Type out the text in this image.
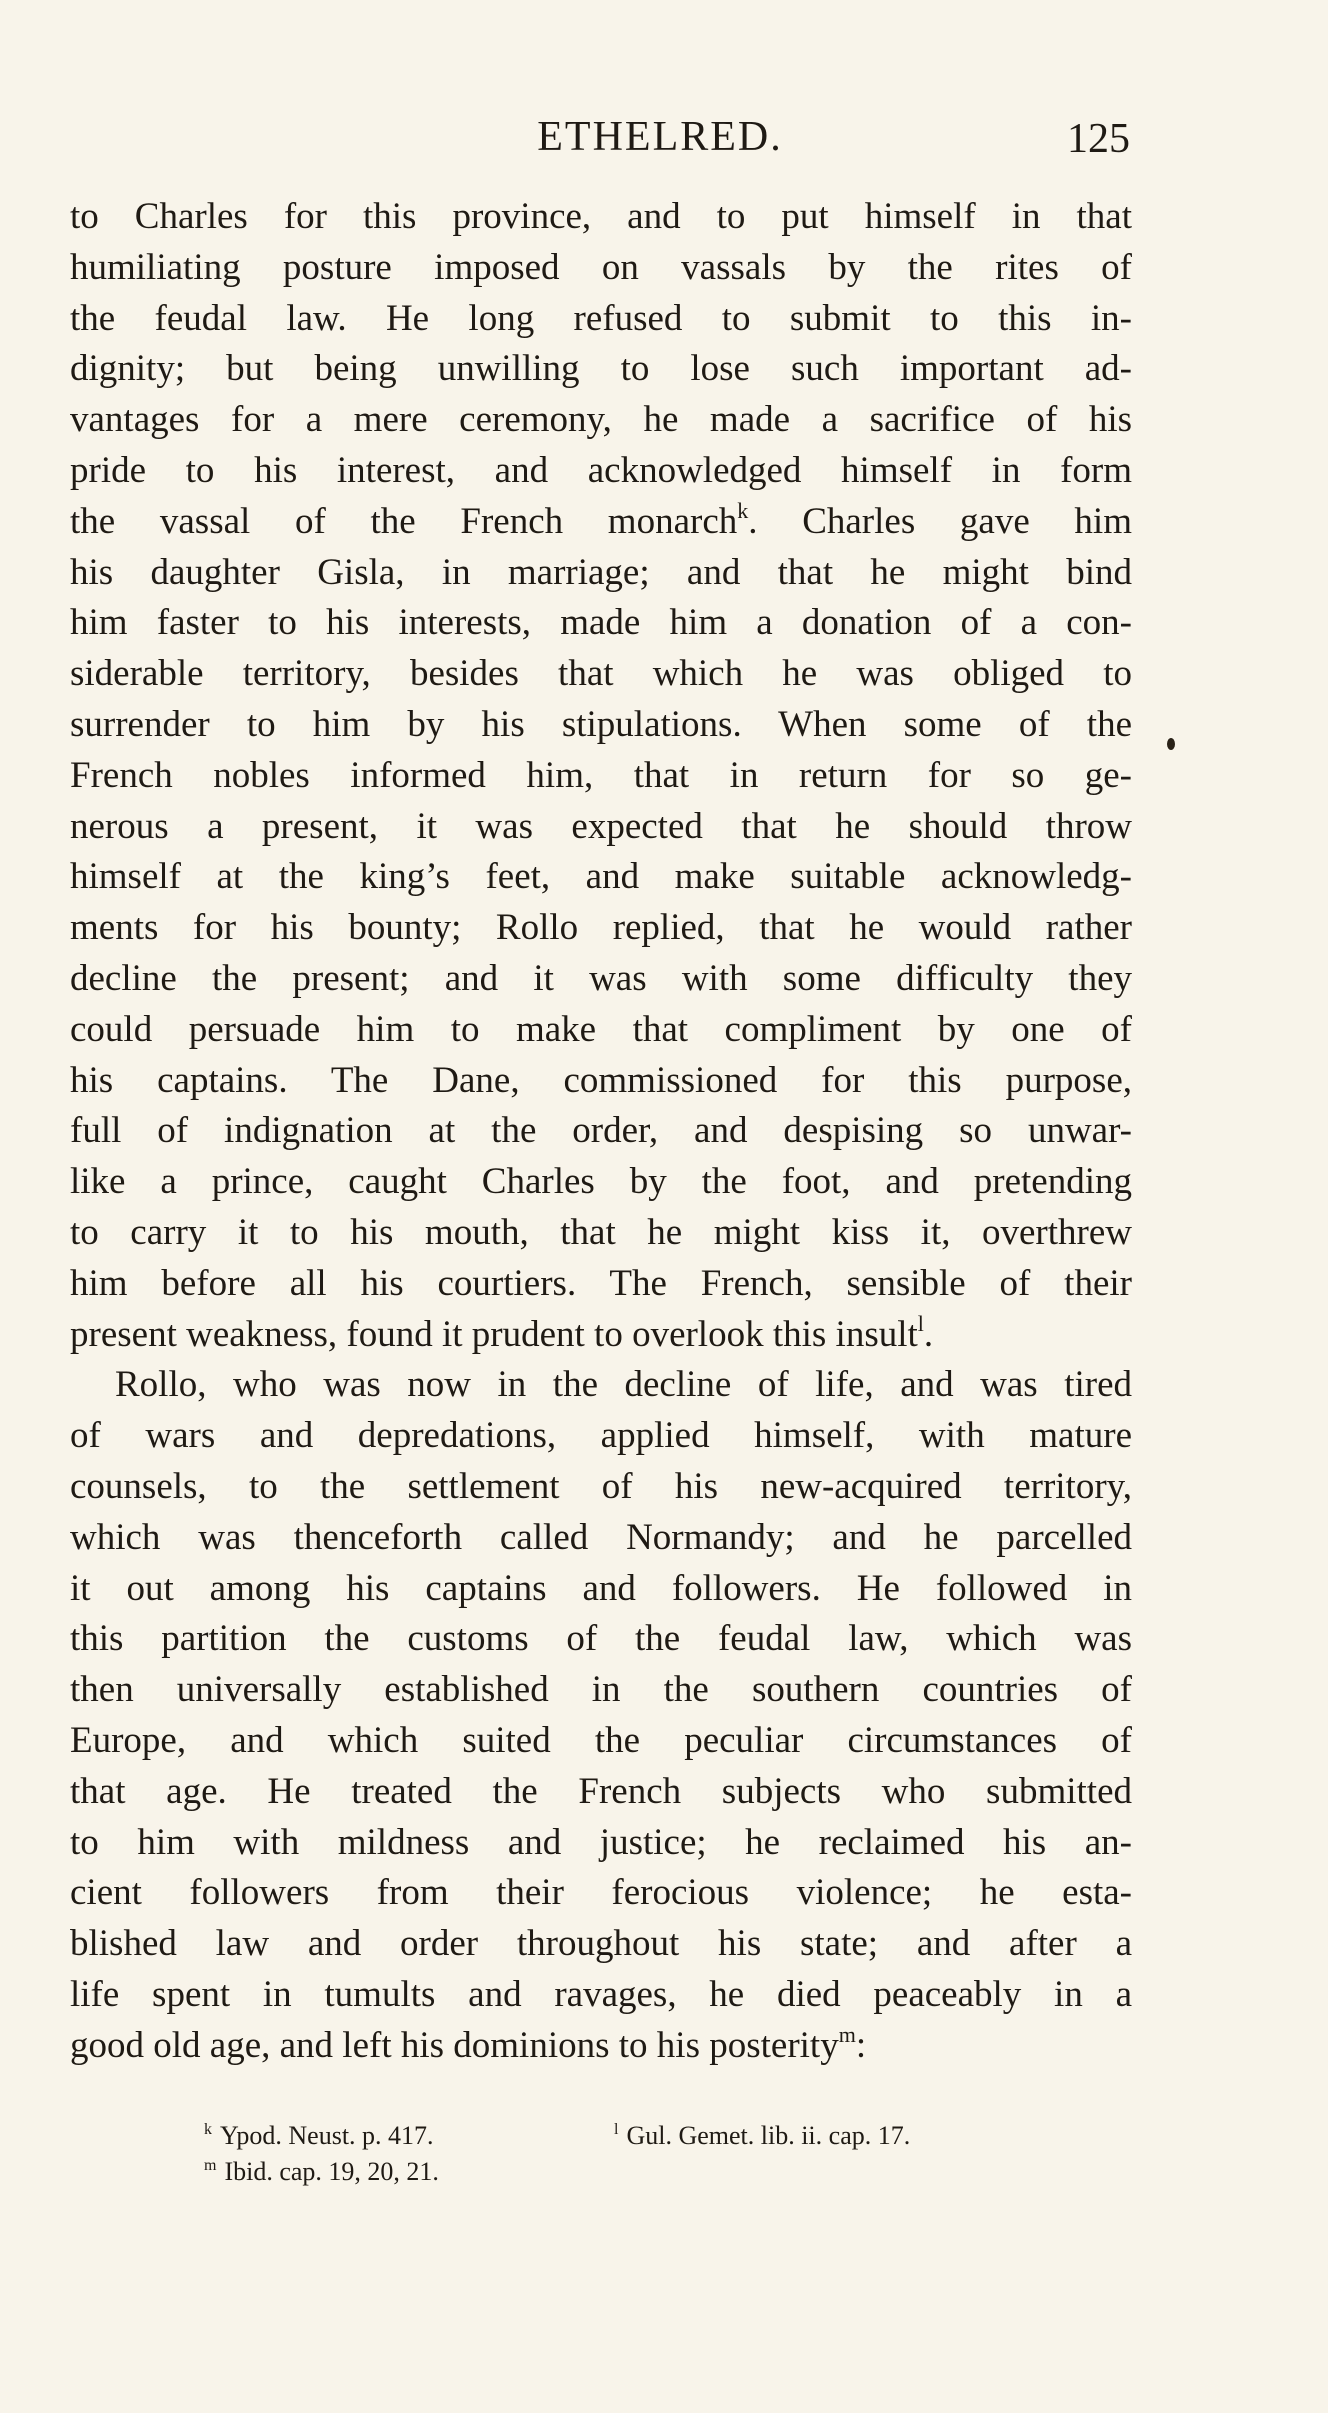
ETHELRED.	125
to Charles for this province, and to put himself in that
humiliating posture imposed on vassals by the rites of
the feudal law. He long refused to submit to this in-
dignity; but being unwilling to lose such important ad-
vantages for a mere ceremony, he made a sacrifice of his
pride to his interest, and acknowledged himself in form
the vassal of the French monarch$^k$. Charles gave him
his daughter Gisla, in marriage; and that he might bind
him faster to his interests, made him a donation of a con-
siderable territory, besides that which he was obliged to
surrender to him by his stipulations. When some of the
French nobles informed him, that in return for so ge-
nerous a present, it was expected that he should throw
himself at the king’s feet, and make suitable acknowledg-
ments for his bounty; Rollo replied, that he would rather
decline the present; and it was with some difficulty they
could persuade him to make that compliment by one of
his captains. The Dane, commissioned for this purpose,
full of indignation at the order, and despising so unwar-
like a prince, caught Charles by the foot, and pretending
to carry it to his mouth, that he might kiss it, overthrew
him before all his courtiers. The French, sensible of their
present weakness, found it prudent to overlook this insult$^l$.
Rollo, who was now in the decline of life, and was tired
of wars and depredations, applied himself, with mature
counsels, to the settlement of his new-acquired territory,
which was thenceforth called Normandy; and he parcelled
it out among his captains and followers. He followed in
this partition the customs of the feudal law, which was
then universally established in the southern countries of
Europe, and which suited the peculiar circumstances of
that age. He treated the French subjects who submitted
to him with mildness and justice; he reclaimed his an-
cient followers from their ferocious violence; he esta-
blished law and order throughout his state; and after a
life spent in tumults and ravages, he died peaceably in a
good old age, and left his dominions to his posterity$^m$:
$^k$ Ypod. Neust. p. 417.	$^l$ Gul. Gemet. lib. ii. cap. 17.
$^m$ Ibid. cap. 19, 20, 21.
